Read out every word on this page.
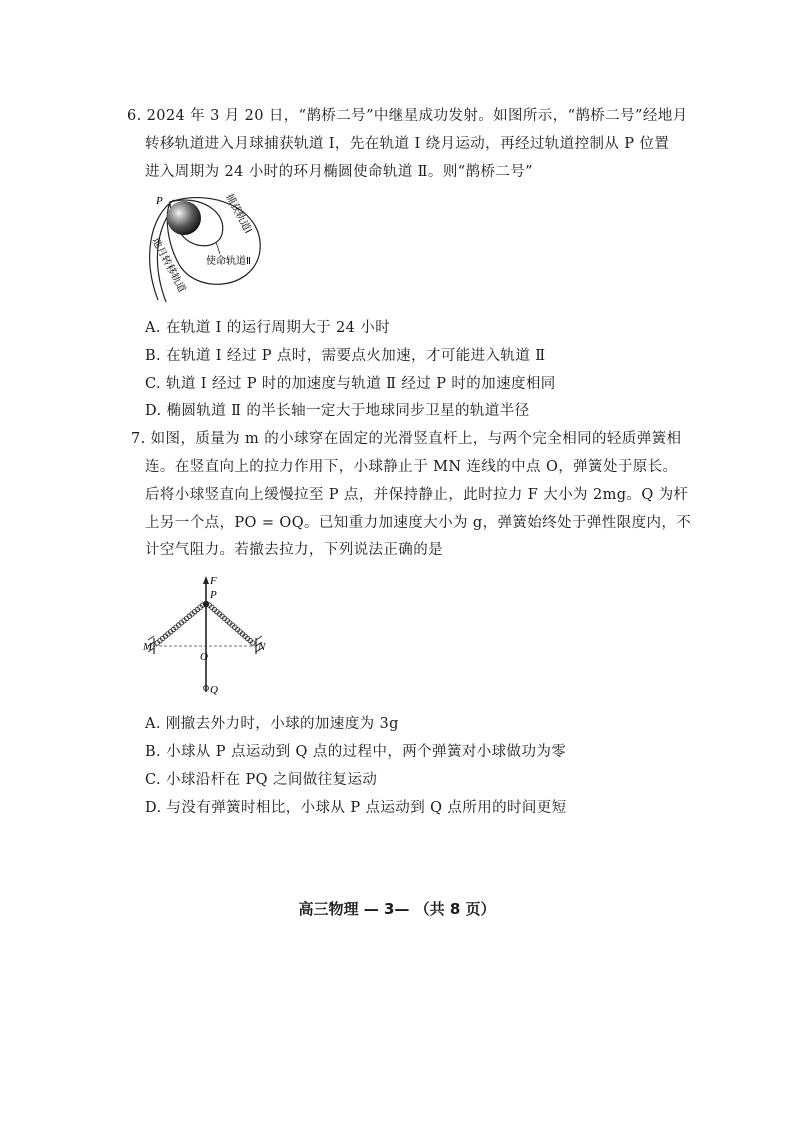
6. 2024 年 3 月 20 日，“鹊桥二号”中继星成功发射。如图所示，“鹊桥二号”经地月
转移轨道进入月球捕获轨道 Ⅰ，先在轨道 Ⅰ 绕月运动，再经过轨道控制从 P 位置
进入周期为 24 小时的环月椭圆使命轨道 Ⅱ。则“鹊桥二号”
P	捕获轨道Ⅰ
使命轨道Ⅱ
地月转移轨道
A. 在轨道 Ⅰ 的运行周期大于 24 小时
B. 在轨道 Ⅰ 经过 P 点时，需要点火加速，才可能进入轨道 Ⅱ
C. 轨道 Ⅰ 经过 P 时的加速度与轨道 Ⅱ 经过 P 时的加速度相同
D. 椭圆轨道 Ⅱ 的半长轴一定大于地球同步卫星的轨道半径
7. 如图，质量为 m 的小球穿在固定的光滑竖直杆上，与两个完全相同的轻质弹簧相
连。在竖直向上的拉力作用下，小球静止于 MN 连线的中点 O，弹簧处于原长。
后将小球竖直向上缓慢拉至 P 点，并保持静止，此时拉力 F 大小为 2mg。Q 为杆
上另一个点，PO = OQ。已知重力加速度大小为 g，弹簧始终处于弹性限度内，不
计空气阻力。若撤去拉力，下列说法正确的是
F
P
M	N
O
Q
A. 刚撤去外力时，小球的加速度为 3g
B. 小球从 P 点运动到 Q 点的过程中，两个弹簧对小球做功为零
C. 小球沿杆在 PQ 之间做往复运动
D. 与没有弹簧时相比，小球从 P 点运动到 Q 点所用的时间更短
高三物理 — 3— （共 8 页）
